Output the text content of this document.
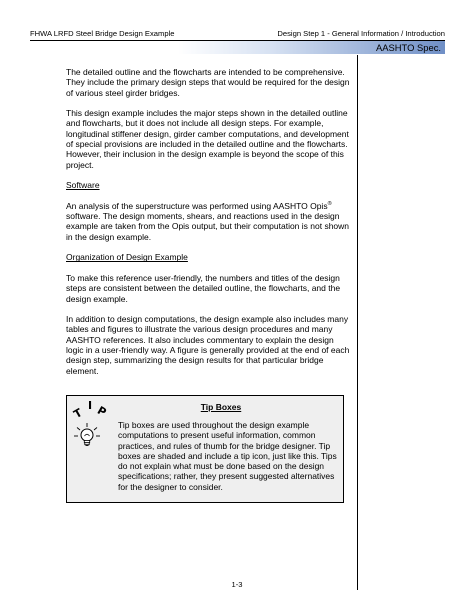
FHWA LRFD Steel Bridge Design Example	Design Step 1 - General Information / Introduction
AASHTO Spec.

The detailed outline and the flowcharts are intended to be comprehensive. They include the primary design steps that would be required for the design of various steel girder bridges.

This design example includes the major steps shown in the detailed outline and flowcharts, but it does not include all design steps. For example, longitudinal stiffener design, girder camber computations, and development of special provisions are included in the detailed outline and the flowcharts. However, their inclusion in the design example is beyond the scope of this project.

Software

An analysis of the superstructure was performed using AASHTO Opis® software. The design moments, shears, and reactions used in the design example are taken from the Opis output, but their computation is not shown in the design example.

Organization of Design Example

To make this reference user-friendly, the numbers and titles of the design steps are consistent between the detailed outline, the flowcharts, and the design example.

In addition to design computations, the design example also includes many tables and figures to illustrate the various design procedures and many AASHTO references. It also includes commentary to explain the design logic in a user-friendly way. A figure is generally provided at the end of each design step, summarizing the design results for that particular bridge element.

T
I P	Tip Boxes
Tip boxes are used throughout the design example computations to present useful information, common practices, and rules of thumb for the bridge designer. Tip boxes are shaded and include a tip icon, just like this. Tips do not explain what must be done based on the design specifications; rather, they present suggested alternatives for the designer to consider.
1-3
